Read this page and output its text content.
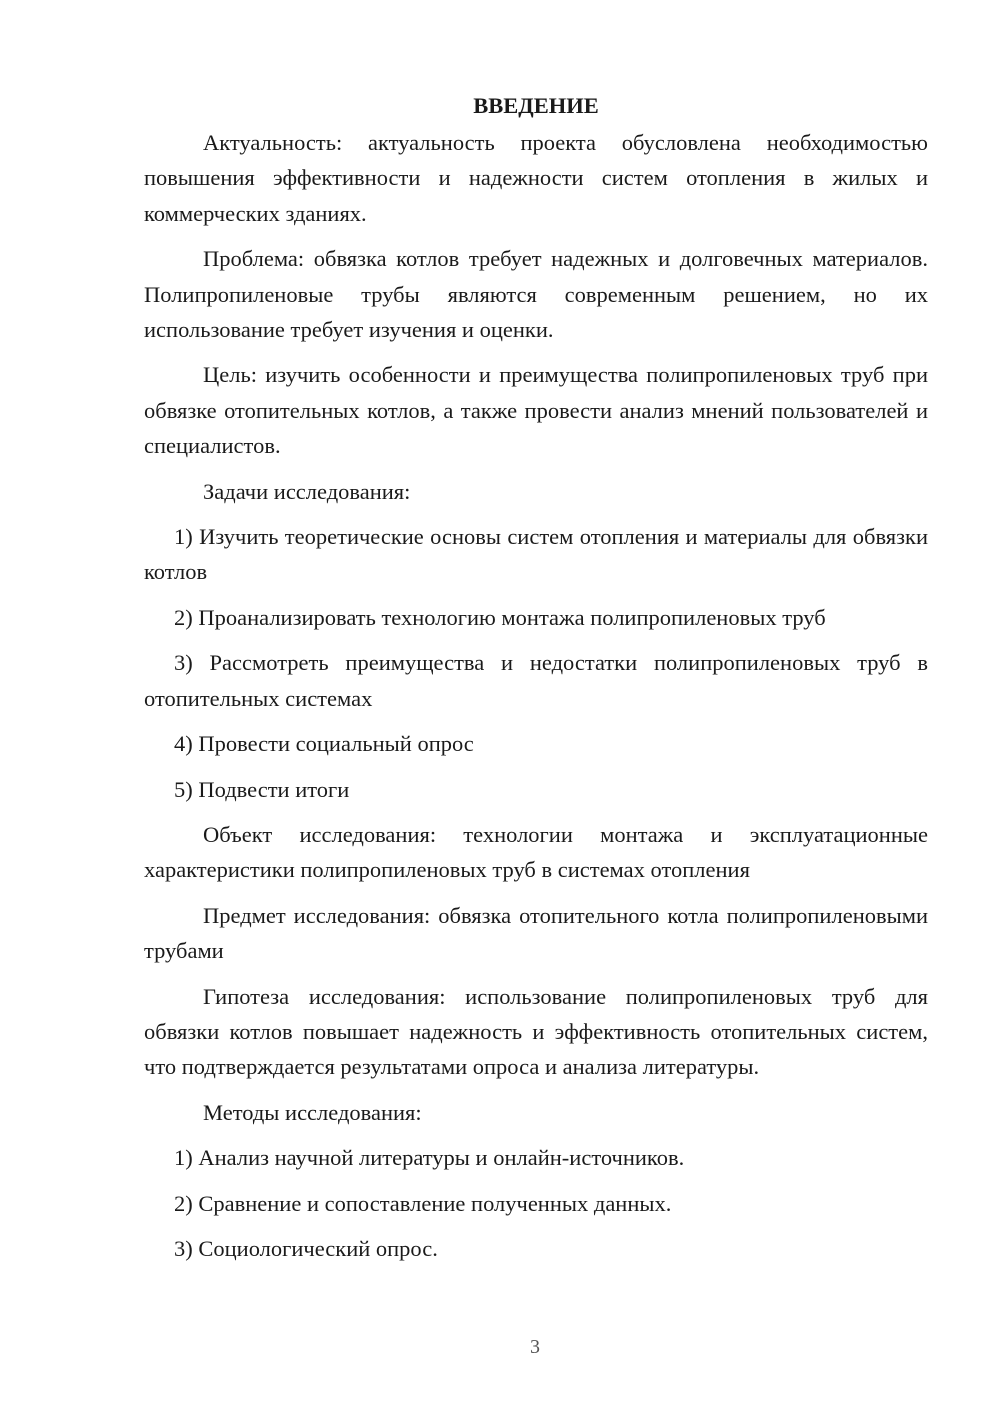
ВВЕДЕНИЕ

Актуальность: актуальность проекта обусловлена необходимостью повышения эффективности и надежности систем отопления в жилых и коммерческих зданиях.

Проблема: обвязка котлов требует надежных и долговечных материалов. Полипропиленовые трубы являются современным решением, но их использование требует изучения и оценки.

Цель: изучить особенности и преимущества полипропиленовых труб при обвязке отопительных котлов, а также провести анализ мнений пользователей и специалистов.

Задачи исследования:

1) Изучить теоретические основы систем отопления и материалы для обвязки котлов

2) Проанализировать технологию монтажа полипропиленовых труб

3) Рассмотреть преимущества и недостатки полипропиленовых труб в отопительных системах

4) Провести социальный опрос

5) Подвести итоги

Объект исследования: технологии монтажа и эксплуатационные характеристики полипропиленовых труб в системах отопления

Предмет исследования: обвязка отопительного котла полипропиленовыми трубами

Гипотеза исследования: использование полипропиленовых труб для обвязки котлов повышает надежность и эффективность отопительных систем, что подтверждается результатами опроса и анализа литературы.

Методы исследования:

1) Анализ научной литературы и онлайн-источников.

2) Сравнение и сопоставление полученных данных.

3) Социологический опрос.

3
